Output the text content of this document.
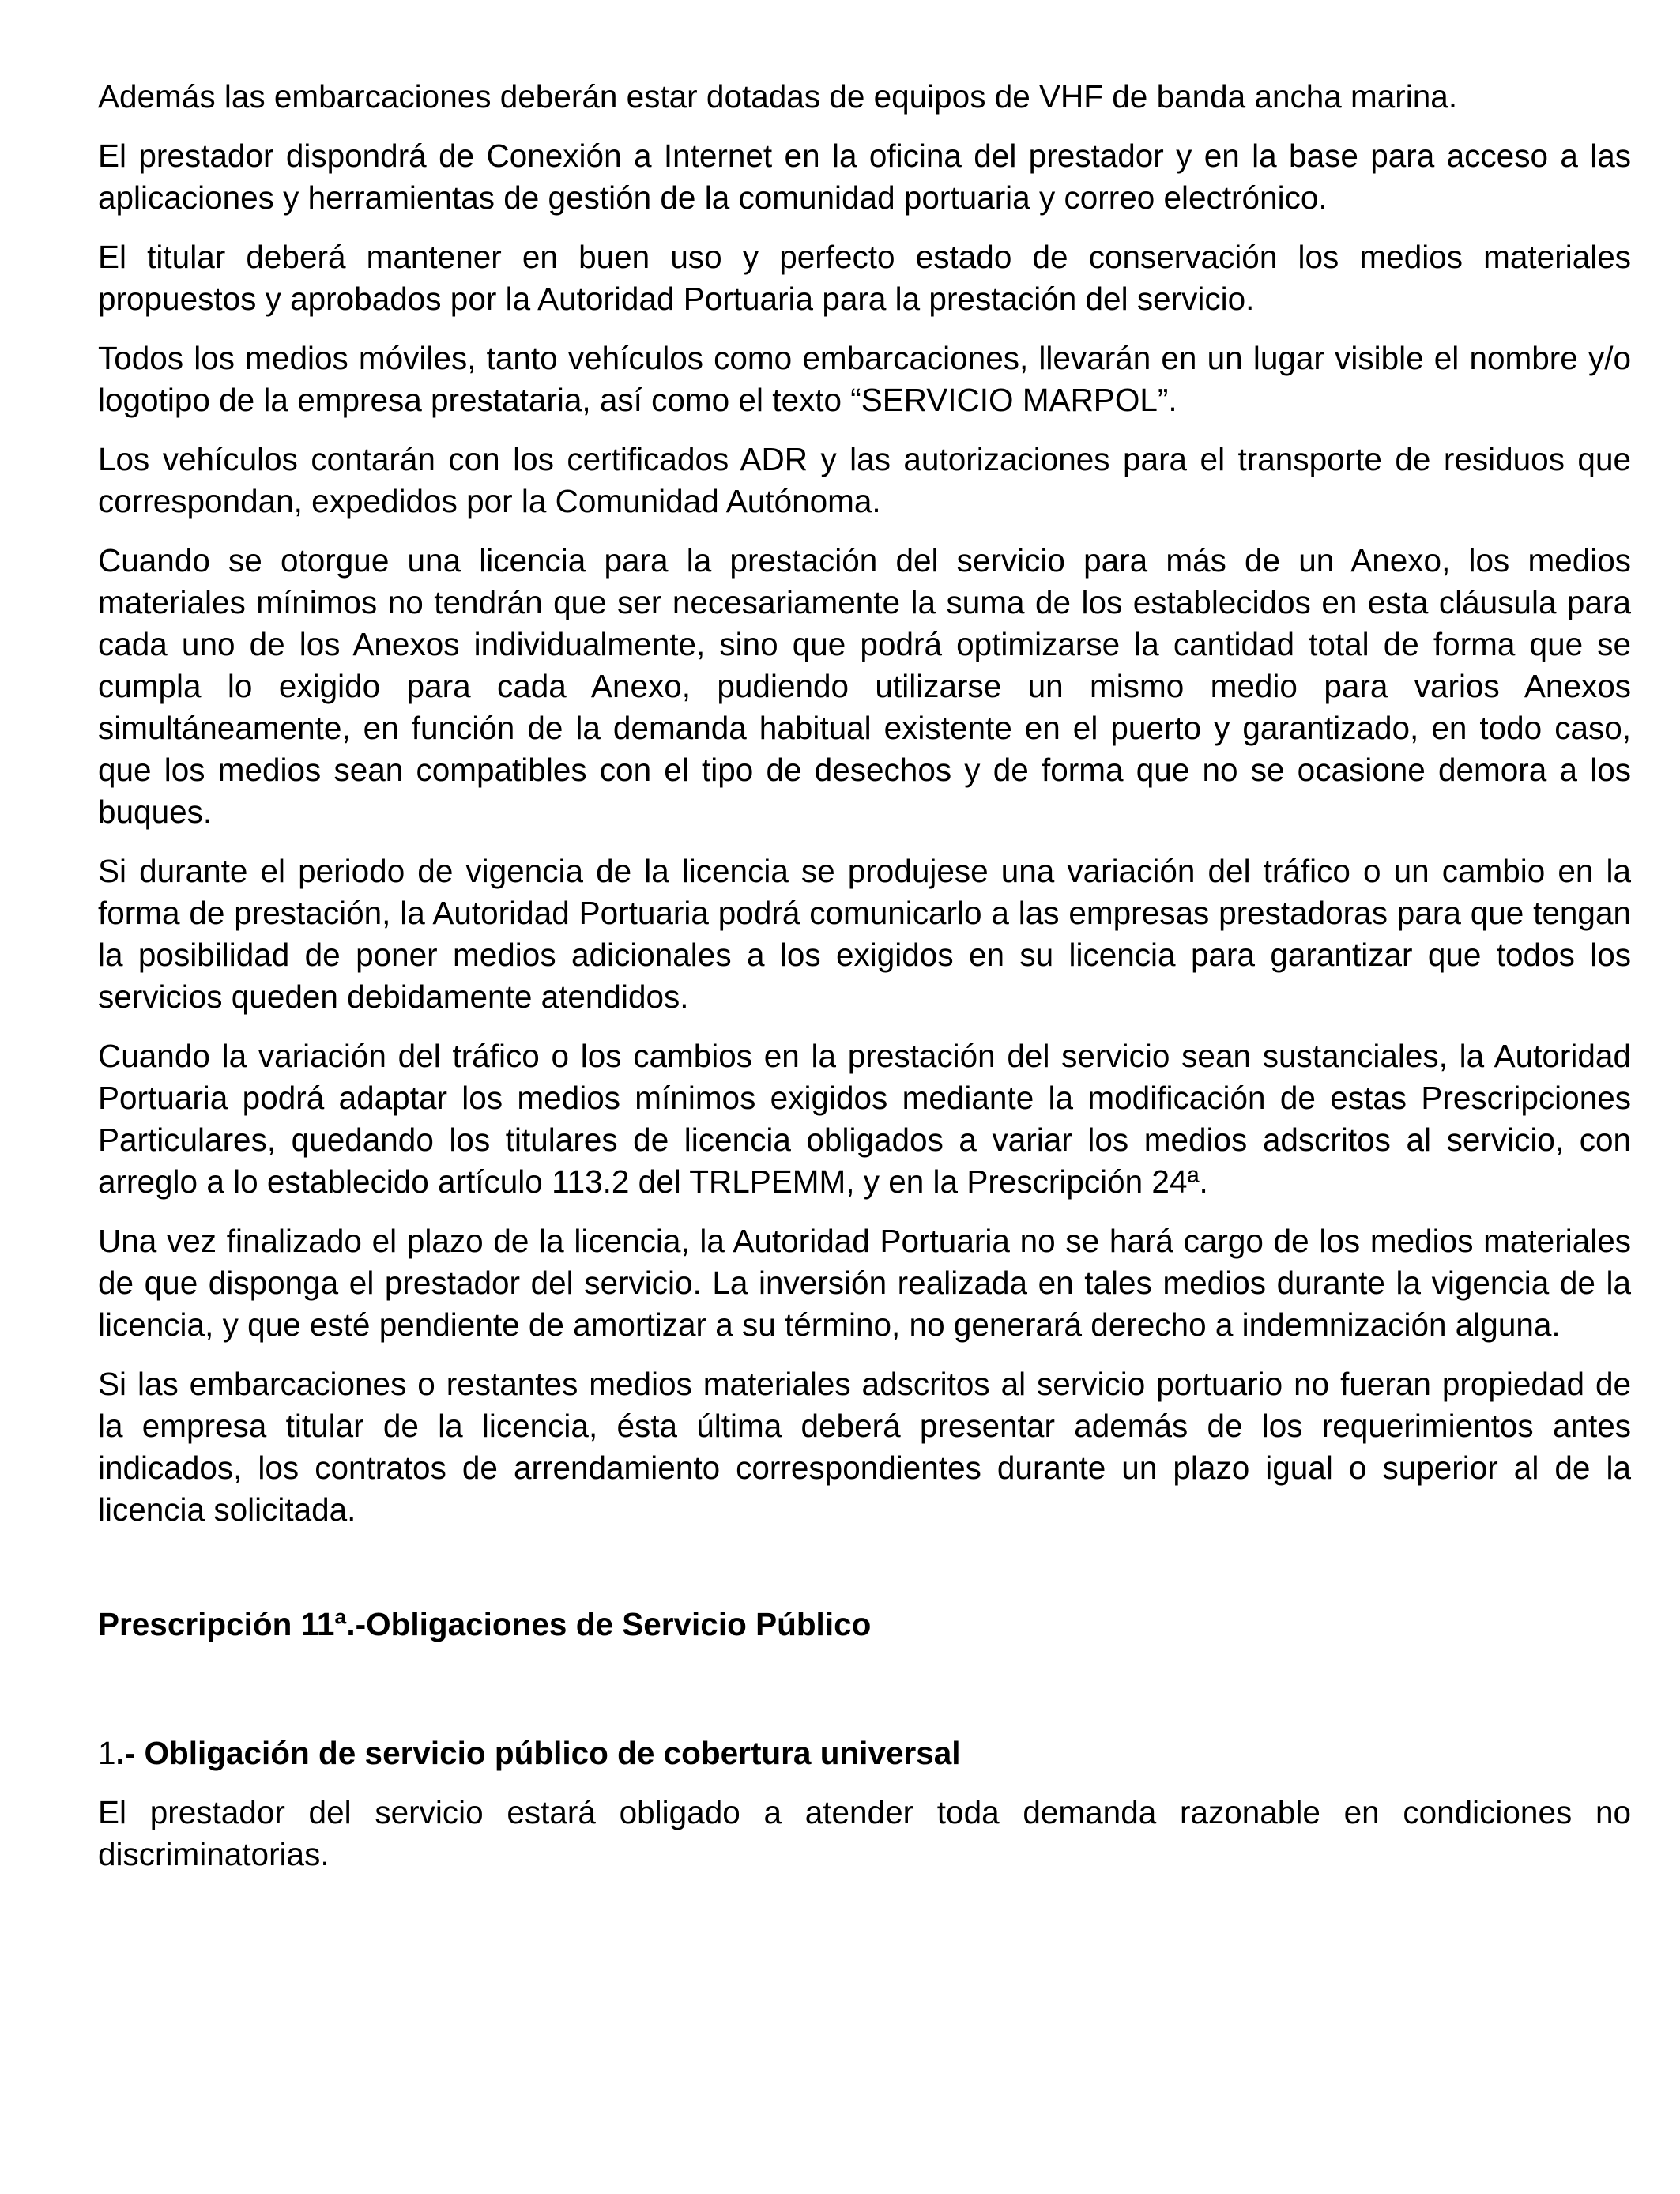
Además las embarcaciones deberán estar dotadas de equipos de VHF de banda ancha marina.

El prestador dispondrá de Conexión a Internet en la oficina del prestador y en la base para acceso a las aplicaciones y herramientas de gestión de la comunidad portuaria y correo electrónico.

El titular deberá mantener en buen uso y perfecto estado de conservación los medios materiales propuestos y aprobados por la Autoridad Portuaria para la prestación del servicio.

Todos los medios móviles, tanto vehículos como embarcaciones, llevarán en un lugar visible el nombre y/o logotipo de la empresa prestataria, así como el texto “SERVICIO MARPOL”.

Los vehículos contarán con los certificados ADR y las autorizaciones para el transporte de residuos que correspondan, expedidos por la Comunidad Autónoma.

Cuando se otorgue una licencia para la prestación del servicio para más de un Anexo, los medios materiales mínimos no tendrán que ser necesariamente la suma de los establecidos en esta cláusula para cada uno de los Anexos individualmente, sino que podrá optimizarse la cantidad total de forma que se cumpla lo exigido para cada Anexo, pudiendo utilizarse un mismo medio para varios Anexos simultáneamente, en función de la demanda habitual existente en el puerto y garantizado, en todo caso, que los medios sean compatibles con el tipo de desechos y de forma que no se ocasione demora a los buques.

Si durante el periodo de vigencia de la licencia se produjese una variación del tráfico o un cambio en la forma de prestación, la Autoridad Portuaria podrá comunicarlo a las empresas prestadoras para que tengan la posibilidad de poner medios adicionales a los exigidos en su licencia para garantizar que todos los servicios queden debidamente atendidos.

Cuando la variación del tráfico o los cambios en la prestación del servicio sean sustanciales, la Autoridad Portuaria podrá adaptar los medios mínimos exigidos mediante la modificación de estas Prescripciones Particulares, quedando los titulares de licencia obligados a variar los medios adscritos al servicio, con arreglo a lo establecido artículo 113.2 del TRLPEMM, y en la Prescripción 24ª.

Una vez finalizado el plazo de la licencia, la Autoridad Portuaria no se hará cargo de los medios materiales de que disponga el prestador del servicio. La inversión realizada en tales medios durante la vigencia de la licencia, y que esté pendiente de amortizar a su término, no generará derecho a indemnización alguna.

Si las embarcaciones o restantes medios materiales adscritos al servicio portuario no fueran propiedad de la empresa titular de la licencia, ésta última deberá presentar además de los requerimientos antes indicados, los contratos de arrendamiento correspondientes durante un plazo igual o superior al de la licencia solicitada.

Prescripción 11ª.-Obligaciones de Servicio Público
1.- Obligación de servicio público de cobertura universal

El prestador del servicio estará obligado a atender toda demanda razonable en condiciones no discriminatorias.
